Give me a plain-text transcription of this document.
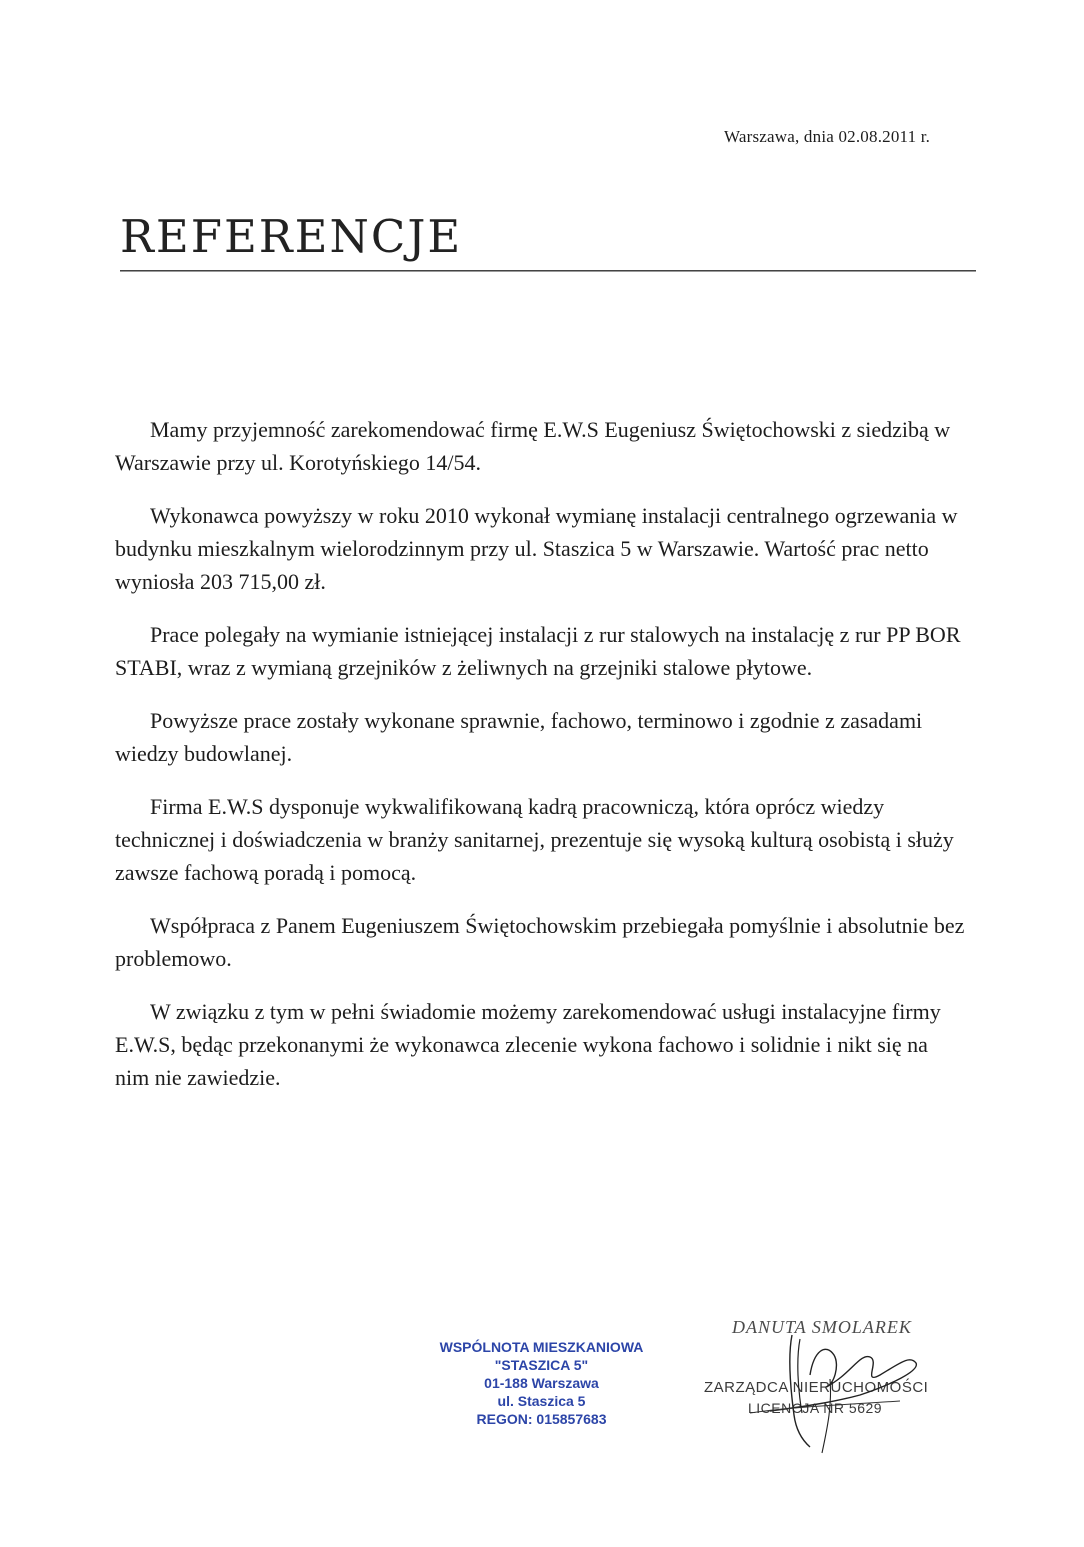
Warszawa, dnia 02.08.2011 r.
REFERENCJE

Mamy przyjemność zarekomendować firmę E.W.S Eugeniusz Świętochowski z siedzibą w Warszawie przy ul. Korotyńskiego 14/54.

Wykonawca powyższy w roku 2010 wykonał wymianę instalacji centralnego ogrzewania w budynku mieszkalnym wielorodzinnym przy ul. Staszica 5 w Warszawie. Wartość prac netto wyniosła 203 715,00 zł.

Prace polegały na wymianie istniejącej instalacji z rur stalowych na instalację z rur PP BOR STABI, wraz z wymianą grzejników z żeliwnych na grzejniki stalowe płytowe.

Powyższe prace zostały wykonane sprawnie, fachowo, terminowo i zgodnie z zasadami wiedzy budowlanej.

Firma E.W.S dysponuje wykwalifikowaną kadrą pracowniczą, która oprócz wiedzy technicznej i doświadczenia w branży sanitarnej, prezentuje się wysoką kulturą osobistą i służy zawsze fachową poradą i pomocą.

Współpraca z Panem Eugeniuszem Świętochowskim przebiegała pomyślnie i absolutnie bez problemowo.

W związku z tym w pełni świadomie możemy zarekomendować usługi instalacyjne firmy E.W.S, będąc przekonanymi że wykonawca zlecenie wykona fachowo i solidnie i nikt się na nim nie zawiedzie.

WSPÓLNOTA MIESZKANIOWA
"STASZICA 5"
01-188 Warszawa
ul. Staszica 5
REGON: 015857683
DANUTA SMOLAREK
ZARZĄDCA NIERUCHOMOŚCI
LICENCJA NR 5629
